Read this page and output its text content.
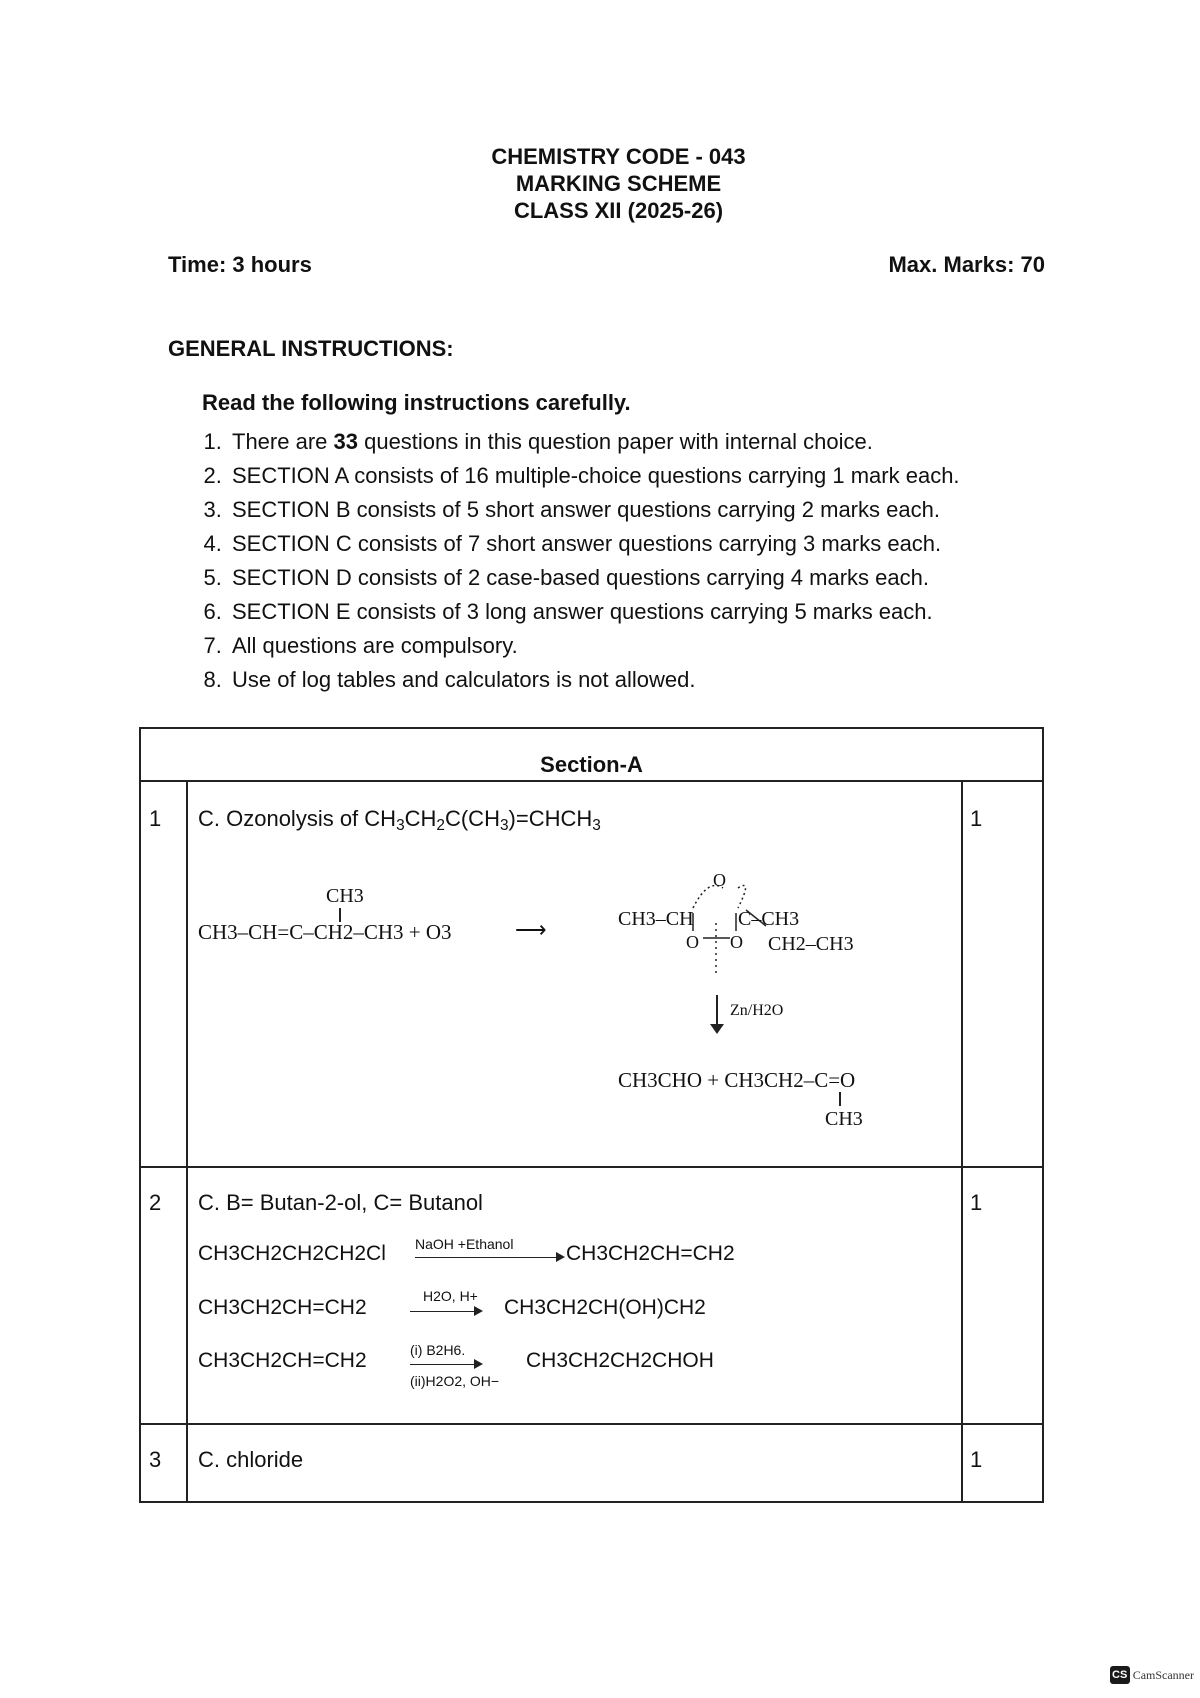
CHEMISTRY CODE - 043
MARKING SCHEME
CLASS XII (2025-26)
Time: 3 hours	Max. Marks: 70
GENERAL INSTRUCTIONS:
Read the following instructions carefully.
1. There are 33 questions in this question paper with internal choice.
2. SECTION A consists of 16 multiple-choice questions carrying 1 mark each.
3. SECTION B consists of 5 short answer questions carrying 2 marks each.
4. SECTION C consists of 7 short answer questions carrying 3 marks each.
5. SECTION D consists of 2 case-based questions carrying 4 marks each.
6. SECTION E consists of 3 long answer questions carrying 5 marks each.
7. All questions are compulsory.
8. Use of log tables and calculators is not allowed.
Section-A
1 C. Ozonolysis of $CH_3CH_2C(CH_3)=CHCH_3$	1
CH3
CH3–CH=C–CH2–CH3 + O3	⟶
O
CH3–CH C–CH3
CH2–CH3
O O
Zn/H2O
CH3CHO + CH3CH2–C=O
CH3
2 C. B= Butan-2-ol, C= Butanol	1
CH3CH2CH2CH2Cl NaOH +Ethanol	CH3CH2CH=CH2
CH3CH2CH=CH2	H2O, H+ CH3CH2CH(OH)CH2
CH3CH2CH=CH2	(i) B2H6.
(ii)H2O2, OH−
CH3CH2CH2CHOH
3 C. chloride	1
CS CamScanner
